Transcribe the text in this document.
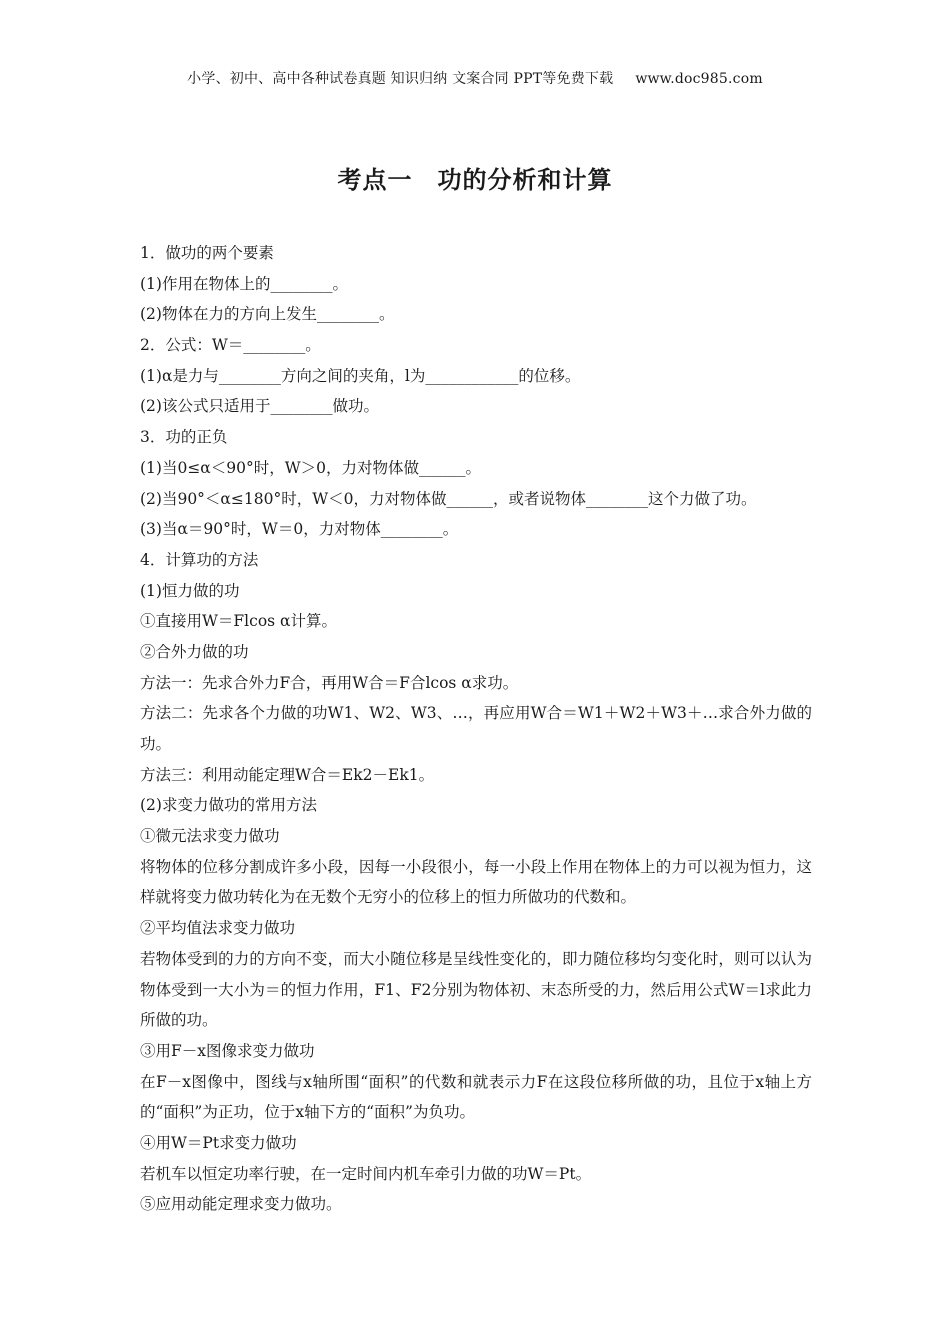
小学、初中、高中各种试卷真题 知识归纳 文案合同 PPT等免费下载 www.doc985.com
考点一　功的分析和计算
1．做功的两个要素
(1)作用在物体上的________。
(2)物体在力的方向上发生________。
2．公式：W＝________。
(1)α是力与________方向之间的夹角，l为____________的位移。
(2)该公式只适用于________做功。
3．功的正负
(1)当0≤α＜90°时，W＞0，力对物体做______。
(2)当90°＜α≤180°时，W＜0，力对物体做______，或者说物体________这个力做了功。
(3)当α＝90°时，W＝0，力对物体________。
4．计算功的方法
(1)恒力做的功
①直接用W＝Flcos α计算。
②合外力做的功
方法一：先求合外力F合，再用W合＝F合lcos α求功。
方法二：先求各个力做的功W1、W2、W3、…，再应用W合＝W1＋W2＋W3＋…求合外力做的功。
方法三：利用动能定理W合＝Ek2－Ek1。
(2)求变力做功的常用方法
①微元法求变力做功
将物体的位移分割成许多小段，因每一小段很小，每一小段上作用在物体上的力可以视为恒力，这样就将变力做功转化为在无数个无穷小的位移上的恒力所做功的代数和。
②平均值法求变力做功
若物体受到的力的方向不变，而大小随位移是呈线性变化的，即力随位移均匀变化时，则可以认为物体受到一大小为＝的恒力作用，F1、F2分别为物体初、末态所受的力，然后用公式W＝l求此力所做的功。
③用F－x图像求变力做功
在F－x图像中，图线与x轴所围“面积”的代数和就表示力F在这段位移所做的功，且位于x轴上方的“面积”为正功，位于x轴下方的“面积”为负功。
④用W＝Pt求变力做功
若机车以恒定功率行驶，在一定时间内机车牵引力做的功W＝Pt。
⑤应用动能定理求变力做功。
